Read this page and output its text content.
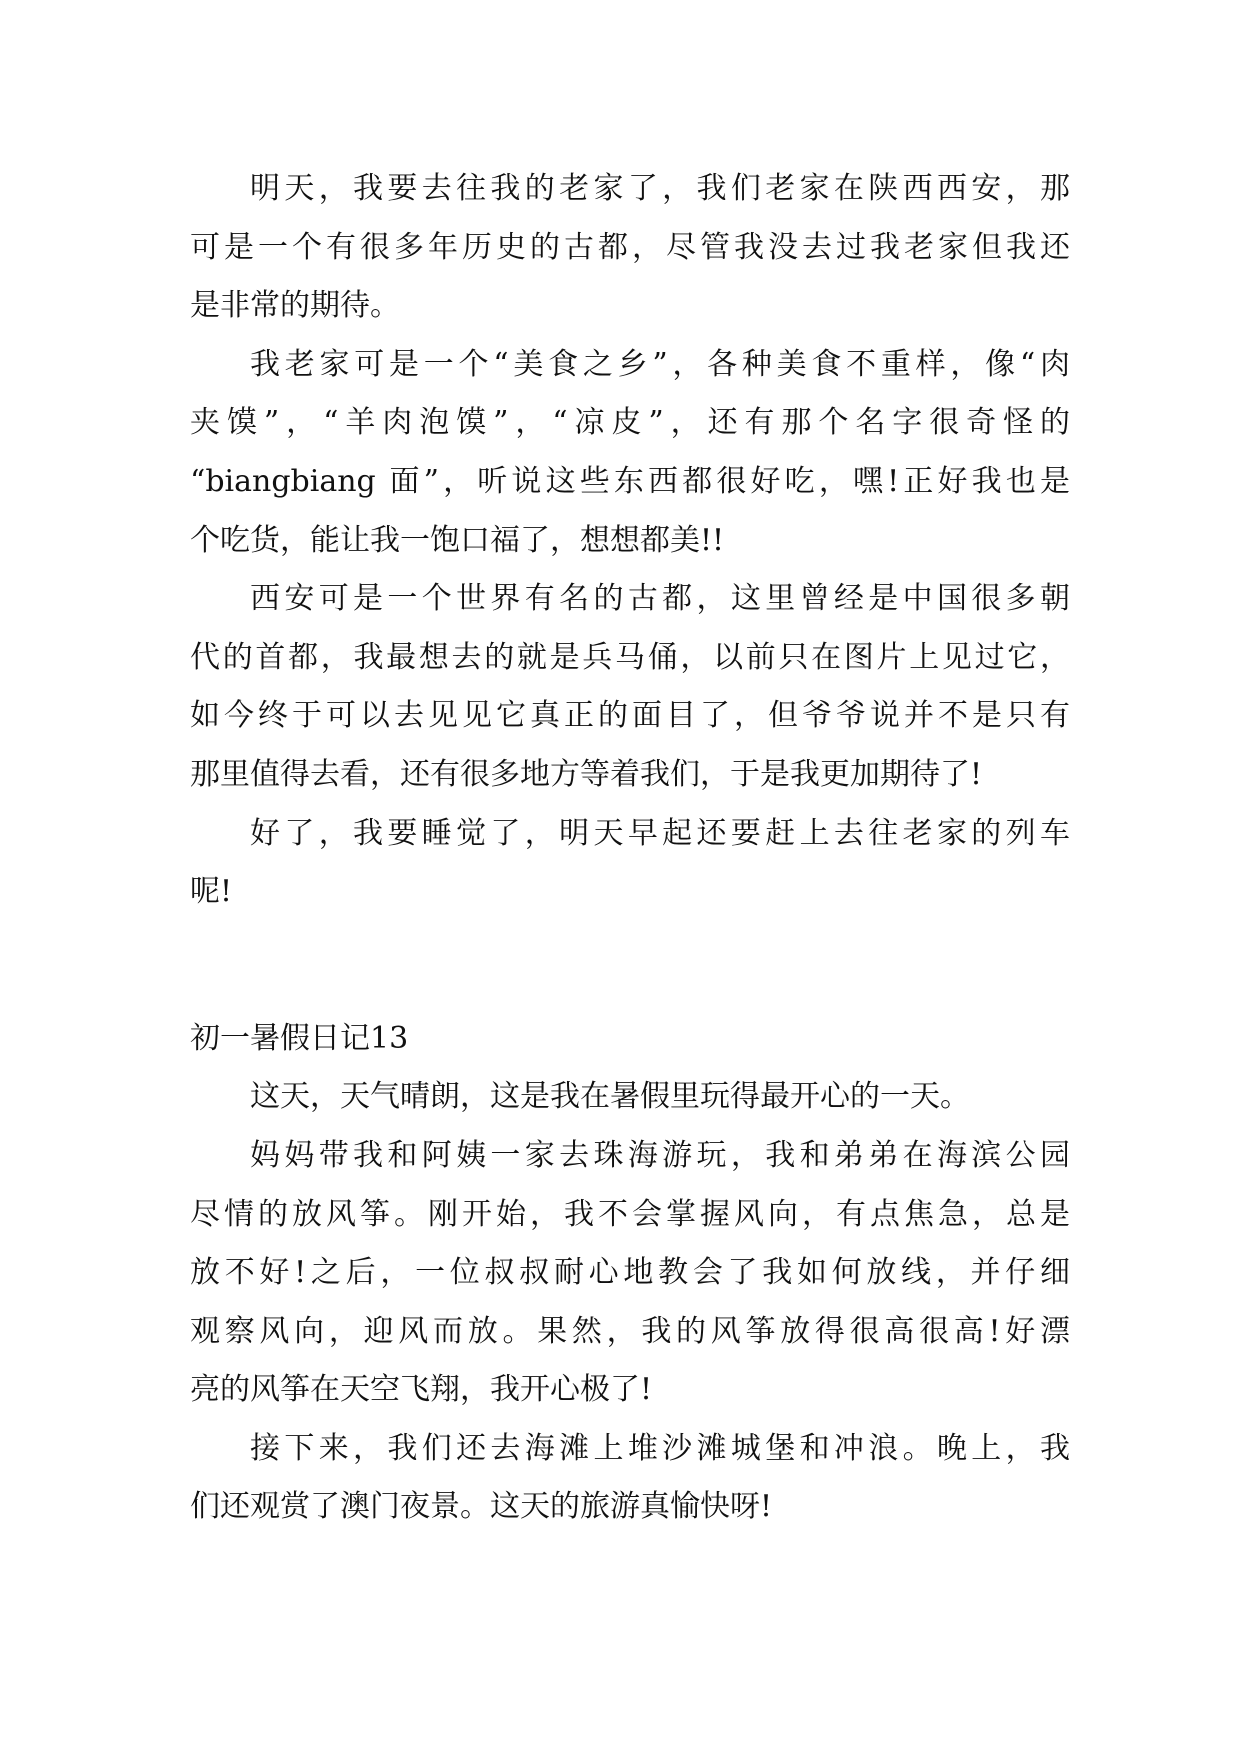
明天，我要去往我的老家了，我们老家在陕西西安，那
可是一个有很多年历史的古都，尽管我没去过我老家但我还
是非常的期待。

我老家可是一个“美食之乡”，各种美食不重样，像“肉
夹馍”，“羊肉泡馍”，“凉皮”，还有那个名字很奇怪的
“biangbiang 面”，听说这些东西都很好吃，嘿!正好我也是
个吃货，能让我一饱口福了，想想都美!!

西安可是一个世界有名的古都，这里曾经是中国很多朝
代的首都，我最想去的就是兵马俑，以前只在图片上见过它，
如今终于可以去见见它真正的面目了，但爷爷说并不是只有
那里值得去看，还有很多地方等着我们，于是我更加期待了!

好了，我要睡觉了，明天早起还要赶上去往老家的列车
呢!

初一暑假日记13

这天，天气晴朗，这是我在暑假里玩得最开心的一天。

妈妈带我和阿姨一家去珠海游玩，我和弟弟在海滨公园
尽情的放风筝。刚开始，我不会掌握风向，有点焦急，总是
放不好!之后，一位叔叔耐心地教会了我如何放线，并仔细
观察风向，迎风而放。果然，我的风筝放得很高很高!好漂
亮的风筝在天空飞翔，我开心极了!

接下来，我们还去海滩上堆沙滩城堡和冲浪。晚上，我
们还观赏了澳门夜景。这天的旅游真愉快呀!
